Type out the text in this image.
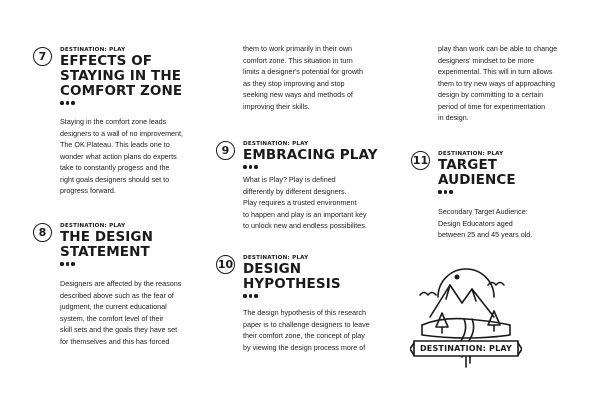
7	DESTINATION: PLAY
EFFECTS OF
STAYING IN THE
COMFORT ZONE
Staying in the comfort zone leads
designers to a wall of no improvement,
The OK Plateau. This leads one to
wonder what action plans do experts
take to constantly progess and the
right goals designers should set to
progress forward.
8	DESTINATION: PLAY
THE DESIGN
STATEMENT
Designers are affected by the reasons
described above such as the fear of
judgment, the current educational
system, the comfort level of their
skill sets and the goals they have set
for themselves and this has forced
them to work primarily in their own
comfort zone. This situation in turn
limits a designer's potential for growth
as they stop improving and stop
seeking new ways and methods of
improving their skills.
9	DESTINATION: PLAY
EMBRACING PLAY
What is Play? Play is defined
differently by different designers.
Play requires a trusted environment
to happen and play is an important key
to unlock new and endless possibilites.
10	DESTINATION: PLAY
DESIGN
HYPOTHESIS
The design hypothesis of this research
paper is to challenge designers to leave
their comfort zone, the concept of play
by viewing the design process more of
play than work can be able to change
designers' mindset to be more
experimental. This will in turn allows
them to try new ways of approaching
design by committing to a certain
period of time for experimentation
in design.
11	DESTINATION: PLAY
TARGET
AUDIENCE
Secondary Target Audience:
Design Educators aged
between 25 and 45 years old.
DESTINATION: PLAY
